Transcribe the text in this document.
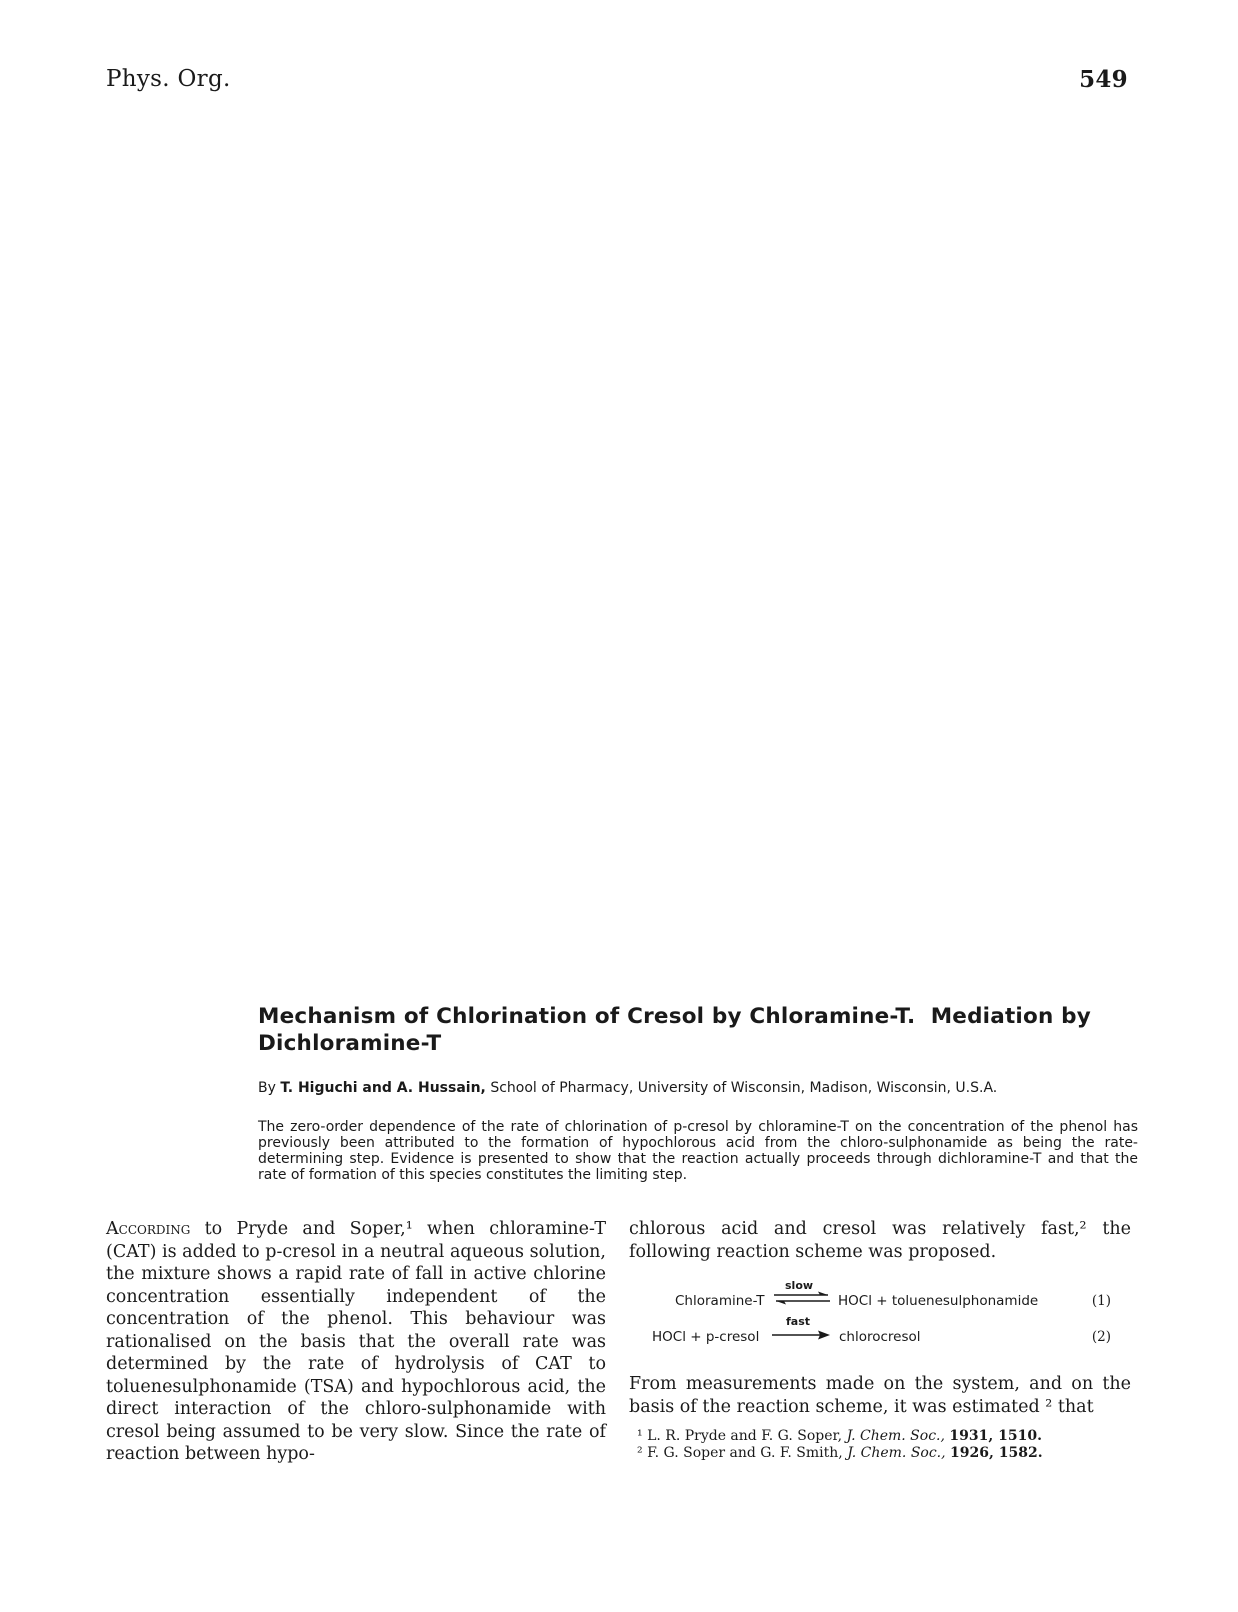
Phys. Org.	549
Mechanism of Chlorination of Cresol by Chloramine-T.  Mediation by
Dichloramine-T
By T. Higuchi and A. Hussain, School of Pharmacy, University of Wisconsin, Madison, Wisconsin, U.S.A.
The zero-order dependence of the rate of chlorination of p-cresol by chloramine-T on the concentration of the phenol has previously been attributed to the formation of hypochlorous acid from the chloro-sulphonamide as being the rate-determining step. Evidence is presented to show that the reaction actually proceeds through dichloramine-T and that the rate of formation of this species constitutes the limiting step.

According to Pryde and Soper,¹ when chloramine-T (CAT) is added to p-cresol in a neutral aqueous solution, the mixture shows a rapid rate of fall in active chlorine concentration essentially independent of the concentration of the phenol. This behaviour was rationalised on the basis that the overall rate was determined by the rate of hydrolysis of CAT to toluenesulphonamide (TSA) and hypochlorous acid, the direct interaction of the chloro-sulphonamide with cresol being assumed to be very slow. Since the rate of reaction between hypo-

chlorous acid and cresol was relatively fast,² the following reaction scheme was proposed.

Chloramine-T
slow
HOCl + toluenesulphonamide	(1)
HOCl + p-cresol
fast
chlorocresol	(2)

From measurements made on the system, and on the basis of the reaction scheme, it was estimated ² that

¹ L. R. Pryde and F. G. Soper, J. Chem. Soc., 1931, 1510.

² F. G. Soper and G. F. Smith, J. Chem. Soc., 1926, 1582.
